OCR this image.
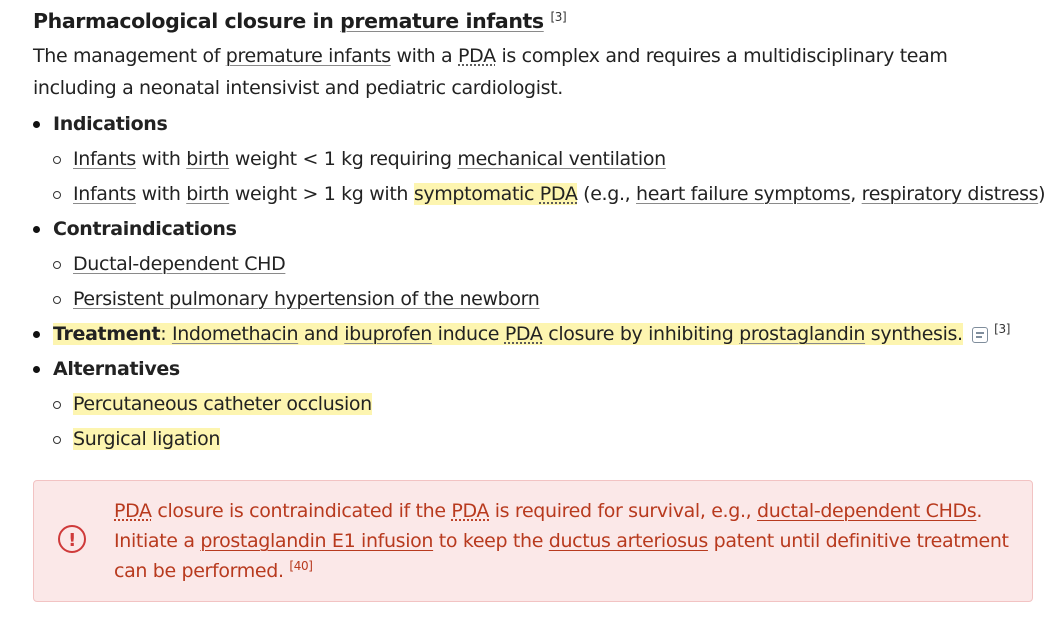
Pharmacological closure in premature infants [3]

The management of premature infants with a PDA is complex and requires a multidisciplinary team including a neonatal intensivist and pediatric cardiologist.

Indications
Infants with birth weight < 1 kg requiring mechanical ventilation
Infants with birth weight > 1 kg with symptomatic PDA (e.g., heart failure symptoms, respiratory distress)
Contraindications
Ductal-dependent CHD
Persistent pulmonary hypertension of the newborn
Treatment: Indomethacin and ibuprofen induce PDA closure by inhibiting prostaglandin synthesis.	[3]
Alternatives
Percutaneous catheter occlusion
Surgical ligation
!
PDA closure is contraindicated if the PDA is required for survival, e.g., ductal-dependent CHDs. Initiate a prostaglandin E1 infusion to keep the ductus arteriosus patent until definitive treatment can be performed. [40]
